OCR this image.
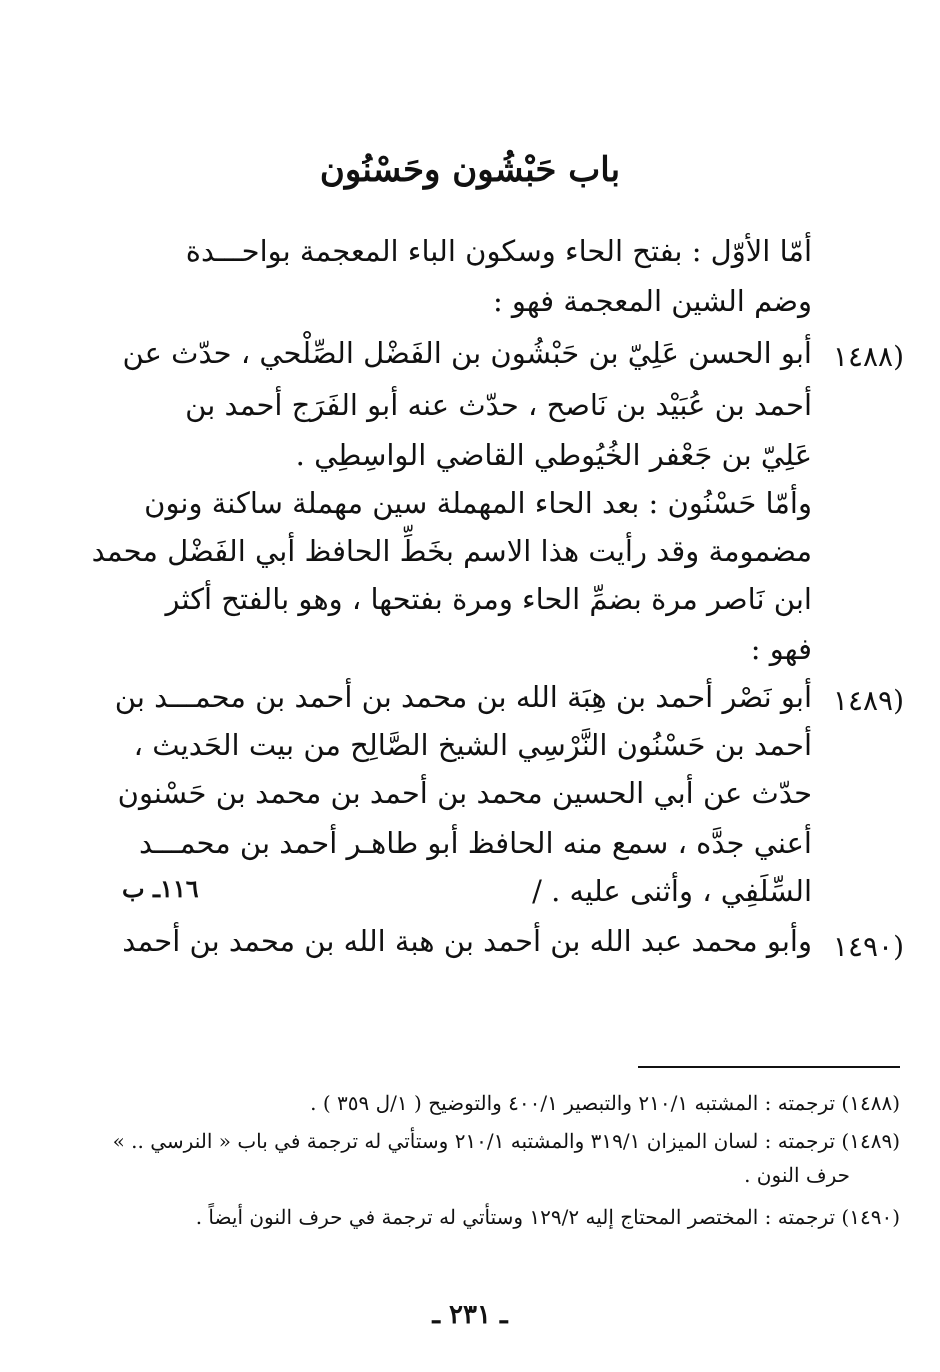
باب حَبْشُون وحَسْنُون
أمّا الأوّل : بفتح الحاء وسكون الباء المعجمة بواحـــدة
وضم الشين المعجمة فهو :
(١٤٨٨
أبو الحسن عَلِيّ بن حَبْشُون بن الفَضْل الصِّلْحي ، حدّث عن
أحمد بن عُبَيْد بن نَاصح ، حدّث عنه أبو الفَرَج أحمد بن
عَلِيّ بن جَعْفر الخُيُوطي القاضي الواسِطِي .
وأمّا حَسْنُون : بعد الحاء المهملة سين مهملة ساكنة ونون
مضمومة وقد رأيت هذا الاسم بخَطِّ الحافظ أبي الفَضْل محمد
ابن نَاصر مرة بضمِّ الحاء ومرة بفتحها ، وهو بالفتح أكثر
فهو :
(١٤٨٩
أبو نَصْر أحمد بن هِبَة الله بن محمد بن أحمد بن محمـــد بن
أحمد بن حَسْنُون النَّرْسِي الشيخ الصَّالِح من بيت الحَديث ،
حدّث عن أبي الحسين محمد بن أحمد بن محمد بن حَسْنون
أعني جدَّه ، سمع منه الحافظ أبو طاهـر أحمد بن محمـــد
السِّلَفِي ، وأثنى عليه . /
١١٦ـ ب
(١٤٩٠
وأبو محمد عبد الله بن أحمد بن هبة الله بن محمد بن أحمد
(١٤٨٨) ترجمته : المشتبه ٢١٠/١ والتبصير ٤٠٠/١ والتوضيح ( ١/ل ٣٥٩ ) .
(١٤٨٩) ترجمته : لسان الميزان ٣١٩/١ والمشتبه ٢١٠/١ وستأتي له ترجمة في باب « النرسي .. »
حرف النون .
(١٤٩٠) ترجمته : المختصر المحتاج إليه ١٢٩/٢ وستأتي له ترجمة في حرف النون أيضاً .
ـ ٢٣١ ـ
